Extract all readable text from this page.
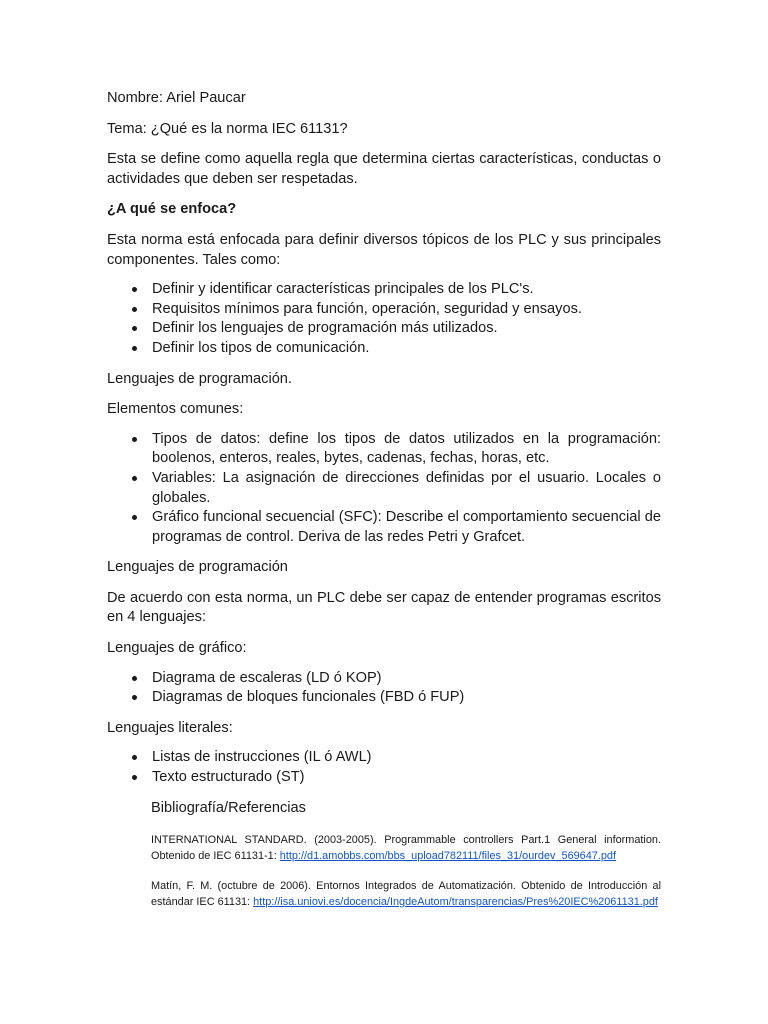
Nombre: Ariel Paucar

Tema: ¿Qué es la norma IEC 61131?

Esta se define como aquella regla que determina ciertas características, conductas o actividades que deben ser respetadas.

¿A qué se enfoca?

Esta norma está enfocada para definir diversos tópicos de los PLC y sus principales componentes. Tales como:

Definir y identificar características principales de los PLC's.
Requisitos mínimos para función, operación, seguridad y ensayos.
Definir los lenguajes de programación más utilizados.
Definir los tipos de comunicación.

Lenguajes de programación.

Elementos comunes:

Tipos de datos: define los tipos de datos utilizados en la programación: boolenos, enteros, reales, bytes, cadenas, fechas, horas, etc.
Variables: La asignación de direcciones definidas por el usuario. Locales o globales.
Gráfico funcional secuencial (SFC): Describe el comportamiento secuencial de programas de control. Deriva de las redes Petri y Grafcet.

Lenguajes de programación

De acuerdo con esta norma, un PLC debe ser capaz de entender programas escritos en 4 lenguajes:

Lenguajes de gráfico:

Diagrama de escaleras (LD ó KOP)
Diagramas de bloques funcionales (FBD ó FUP)

Lenguajes literales:

Listas de instrucciones (IL ó AWL)
Texto estructurado (ST)

Bibliografía/Referencias

INTERNATIONAL STANDARD. (2003-2005). Programmable controllers Part.1 General information. Obtenido de IEC 61131-1: http://d1.amobbs.com/bbs_upload782111/files_31/ourdev_569647.pdf

Matín, F. M. (octubre de 2006). Entornos Integrados de Automatización. Obtenido de Introducción al estándar IEC 61131: http://isa.uniovi.es/docencia/IngdeAutom/transparencias/Pres%20IEC%2061131.pdf
